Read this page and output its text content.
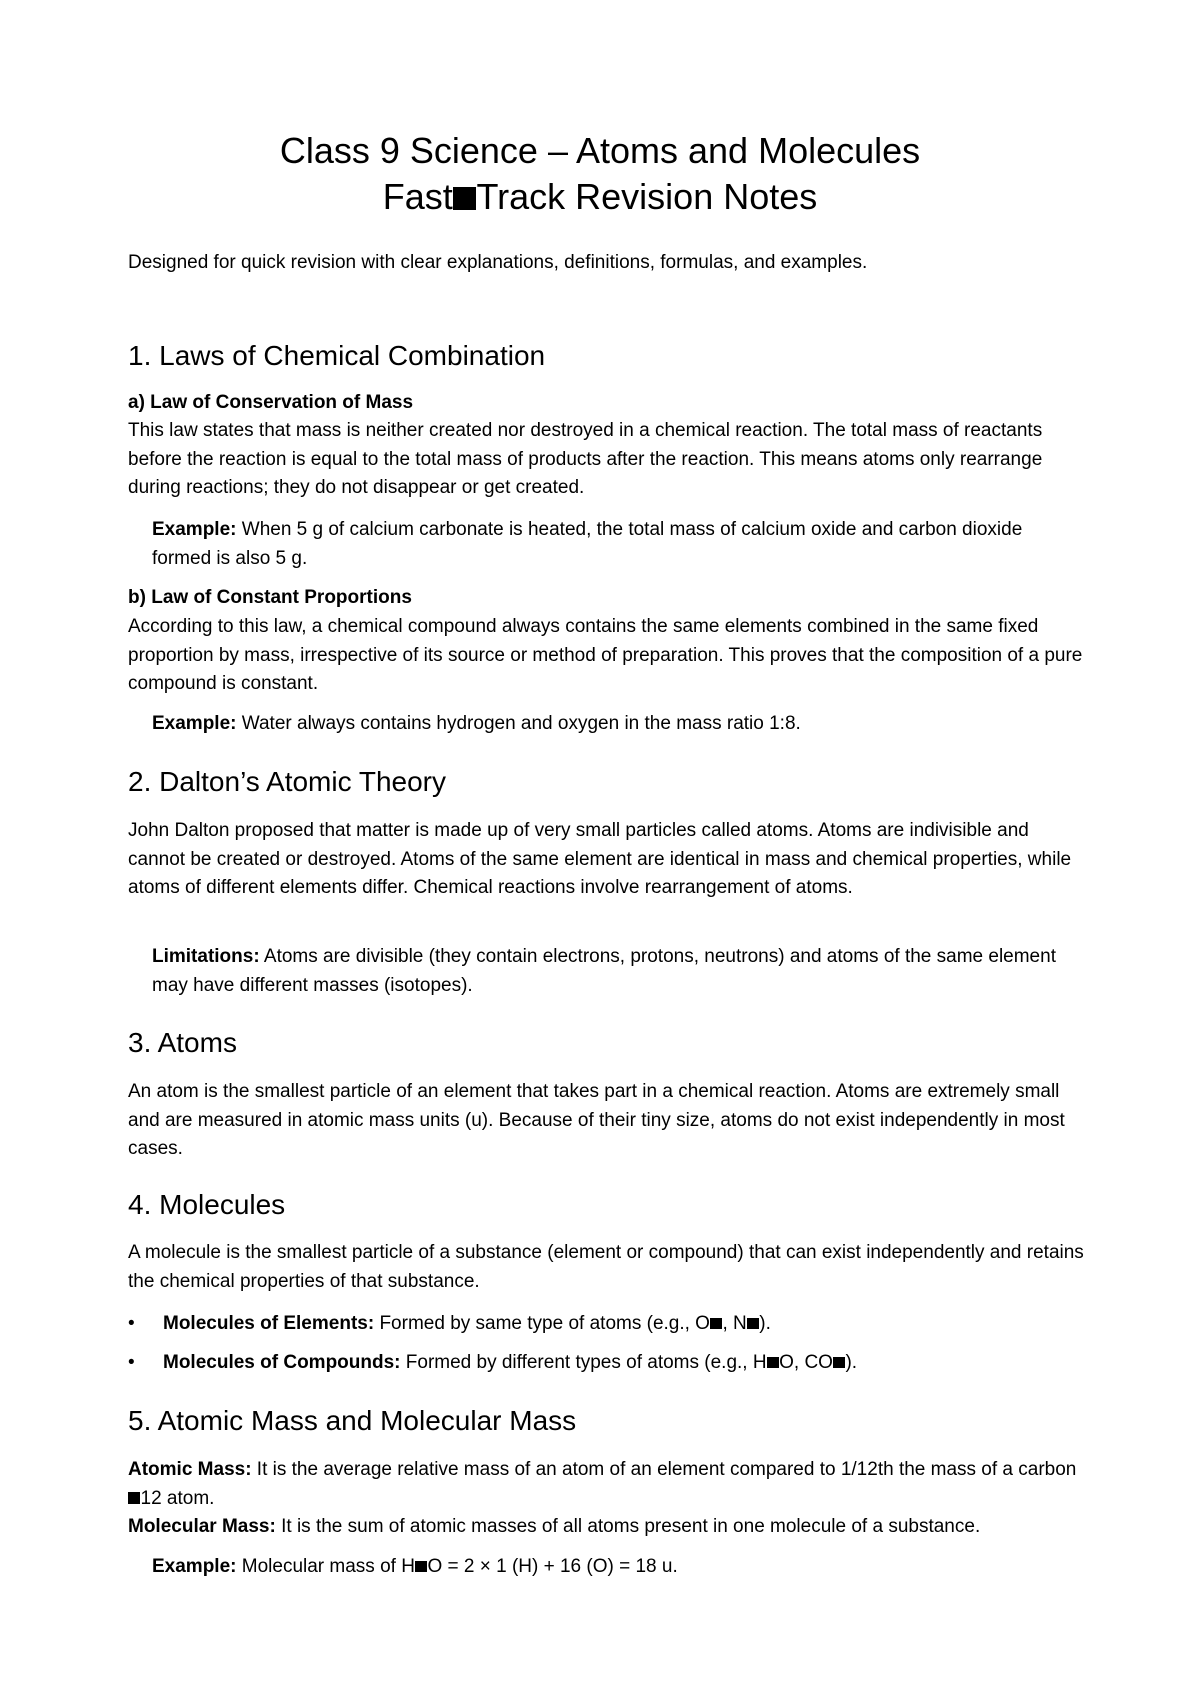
Class 9 Science – Atoms and Molecules
Fast Track Revision Notes

Designed for quick revision with clear explanations, definitions, formulas, and examples.

1. Laws of Chemical Combination

a) Law of Conservation of Mass

This law states that mass is neither created nor destroyed in a chemical reaction. The total mass of reactants before the reaction is equal to the total mass of products after the reaction. This means atoms only rearrange during reactions; they do not disappear or get created.

Example: When 5 g of calcium carbonate is heated, the total mass of calcium oxide and carbon dioxide formed is also 5 g.

b) Law of Constant Proportions

According to this law, a chemical compound always contains the same elements combined in the same fixed proportion by mass, irrespective of its source or method of preparation. This proves that the composition of a pure compound is constant.

Example: Water always contains hydrogen and oxygen in the mass ratio 1:8.

2. Dalton’s Atomic Theory

John Dalton proposed that matter is made up of very small particles called atoms. Atoms are indivisible and cannot be created or destroyed. Atoms of the same element are identical in mass and chemical properties, while atoms of different elements differ. Chemical reactions involve rearrangement of atoms.

Limitations: Atoms are divisible (they contain electrons, protons, neutrons) and atoms of the same element may have different masses (isotopes).

3. Atoms

An atom is the smallest particle of an element that takes part in a chemical reaction. Atoms are extremely small and are measured in atomic mass units (u). Because of their tiny size, atoms do not exist independently in most cases.

4. Molecules

A molecule is the smallest particle of a substance (element or compound) that can exist independently and retains the chemical properties of that substance.

•	Molecules of Elements: Formed by same type of atoms (e.g., O , N ).
•	Molecules of Compounds: Formed by different types of atoms (e.g., H O, CO ).
5. Atomic Mass and Molecular Mass

Atomic Mass: It is the average relative mass of an atom of an element compared to 1/12th the mass of a carbon12 atom.

Molecular Mass: It is the sum of atomic masses of all atoms present in one molecule of a substance.

Example: Molecular mass of H O = 2 × 1 (H) + 16 (O) = 18 u.
